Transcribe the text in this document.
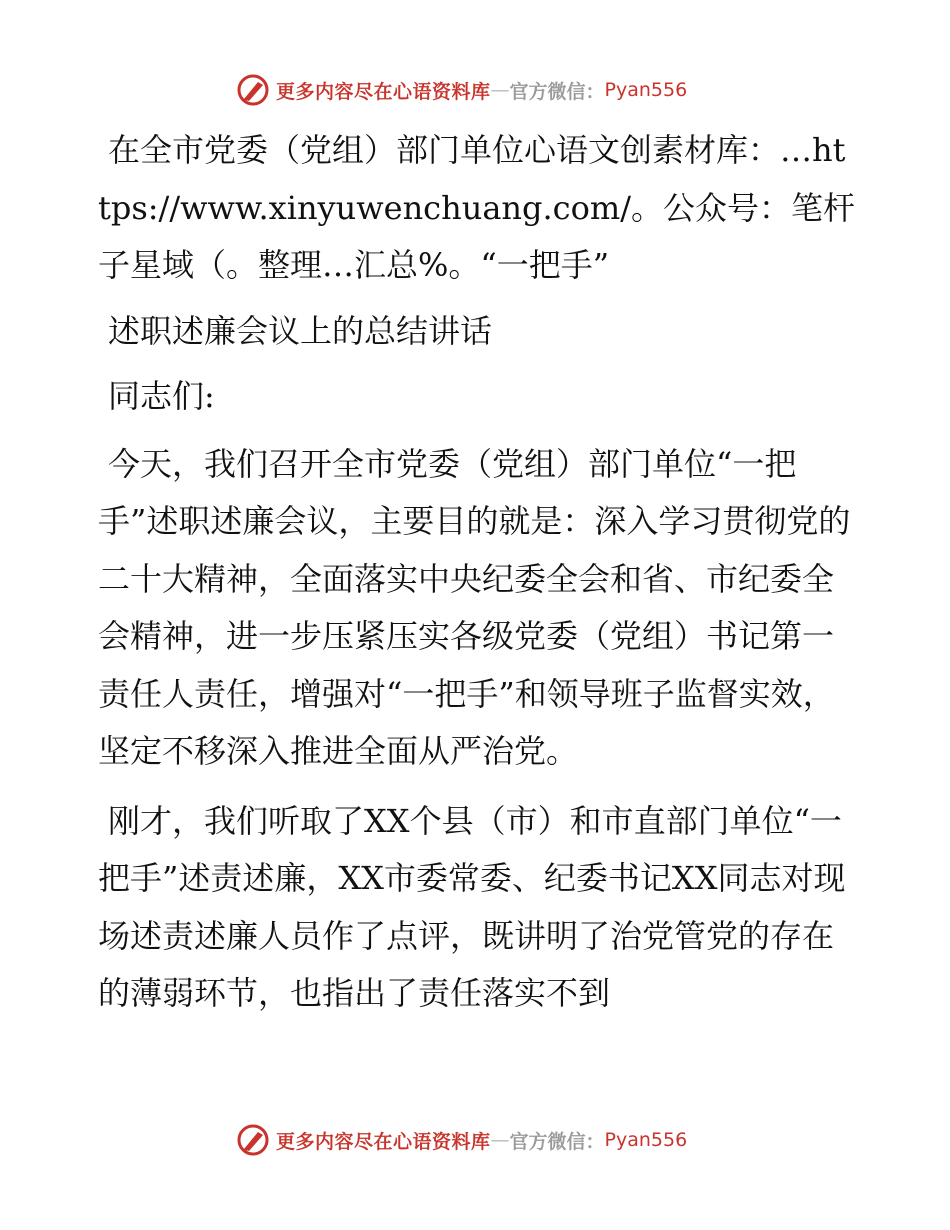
更多内容尽在心语资料库 — 官方微信： Pyan556

在全市党委（党组）部门单位心语文创素材库：…https://www.xinyuwenchuang.com/。公众号：笔杆子星域（。整理…汇总%。“一把手”

述职述廉会议上的总结讲话

同志们:

今天，我们召开全市党委（党组）部门单位“一把手”述职述廉会议，主要目的就是：深入学习贯彻党的二十大精神，全面落实中央纪委全会和省、市纪委全会精神，进一步压紧压实各级党委（党组）书记第一责任人责任，增强对“一把手”和领导班子监督实效，坚定不移深入推进全面从严治党。

刚才，我们听取了XX个县（市）和市直部门单位“一把手”述责述廉，XX市委常委、纪委书记XX同志对现场述责述廉人员作了点评，既讲明了治党管党的存在的薄弱环节，也指出了责任落实不到

更多内容尽在心语资料库 — 官方微信： Pyan556
